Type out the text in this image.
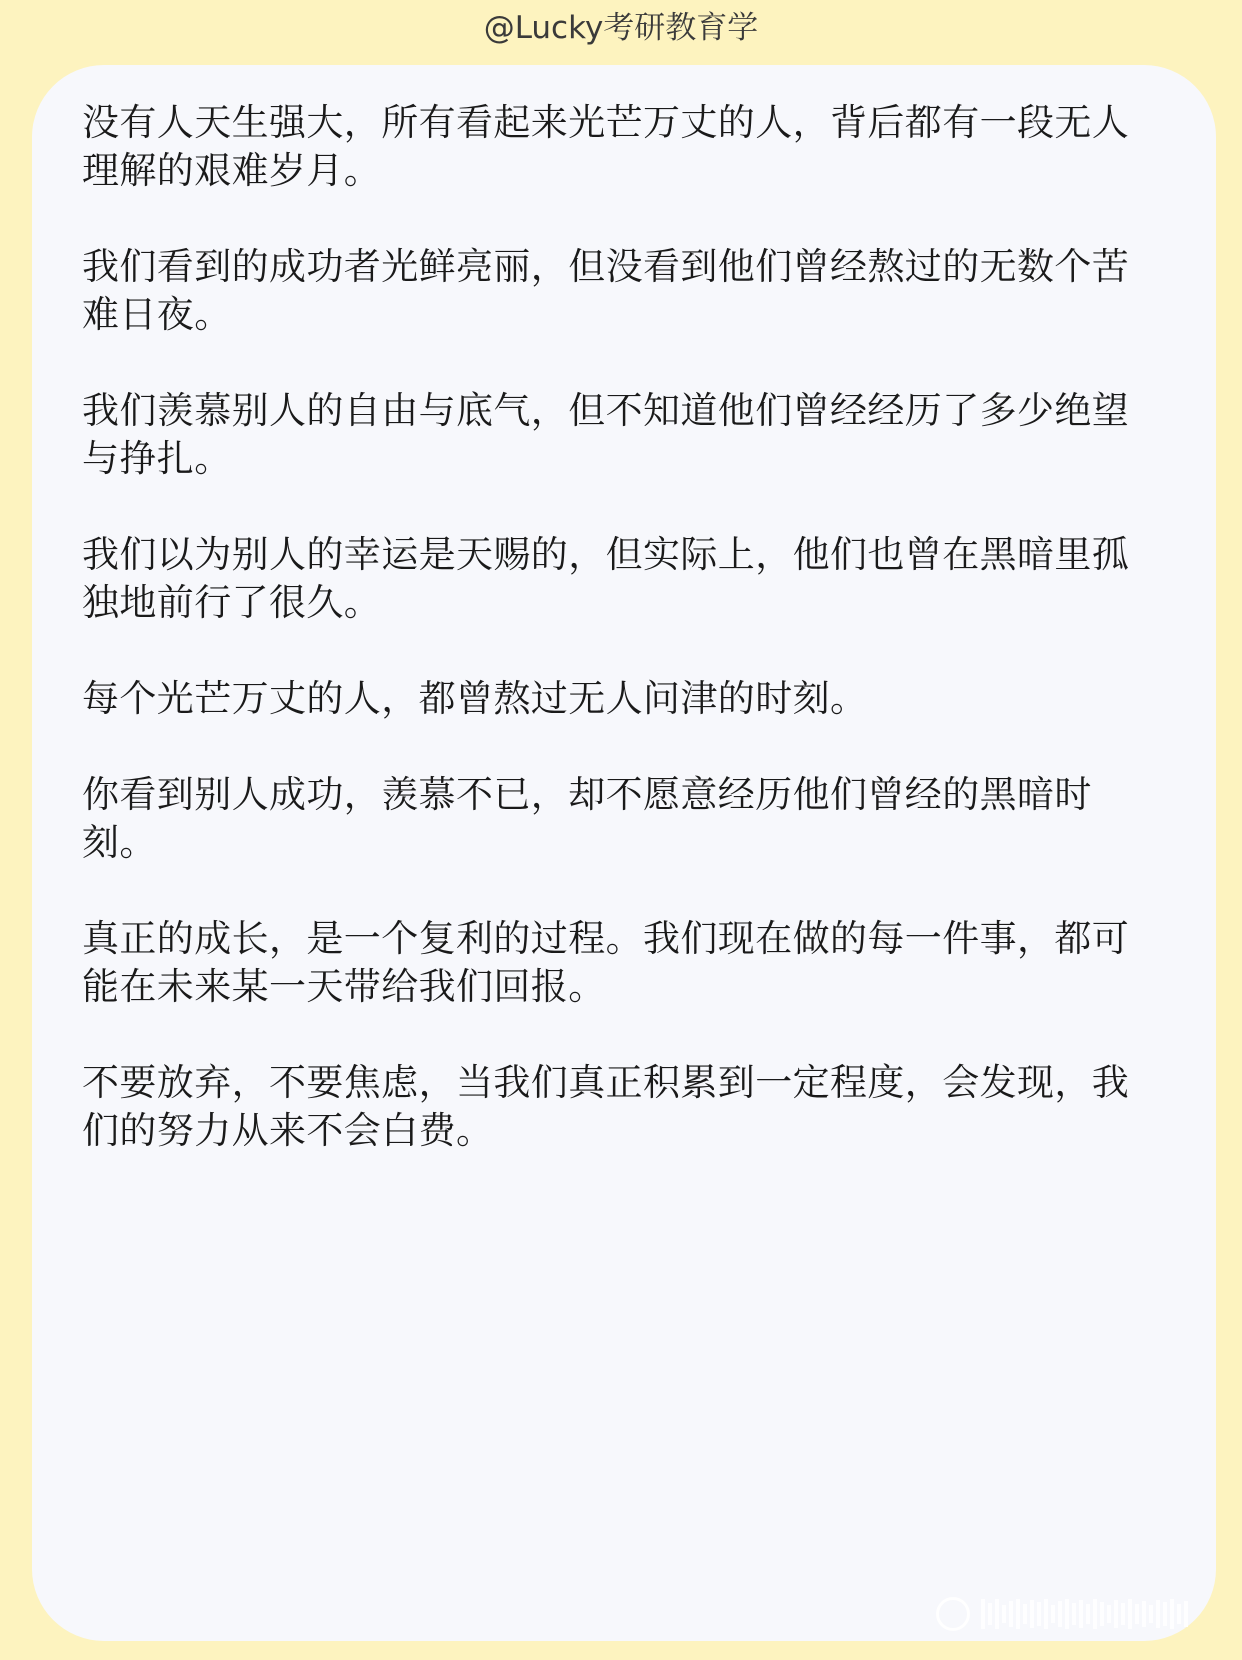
@Lucky考研教育学

没有人天生强大，所有看起来光芒万丈的人，背后都有一段无人理解的艰难岁月。

我们看到的成功者光鲜亮丽，但没看到他们曾经熬过的无数个苦难日夜。

我们羡慕别人的自由与底气，但不知道他们曾经经历了多少绝望与挣扎。

我们以为别人的幸运是天赐的，但实际上，他们也曾在黑暗里孤独地前行了很久。

每个光芒万丈的人，都曾熬过无人问津的时刻。

你看到别人成功，羡慕不已，却不愿意经历他们曾经的黑暗时刻。

真正的成长，是一个复利的过程。我们现在做的每一件事，都可能在未来某一天带给我们回报。

不要放弃，不要焦虑，当我们真正积累到一定程度，会发现，我们的努力从来不会白费。
